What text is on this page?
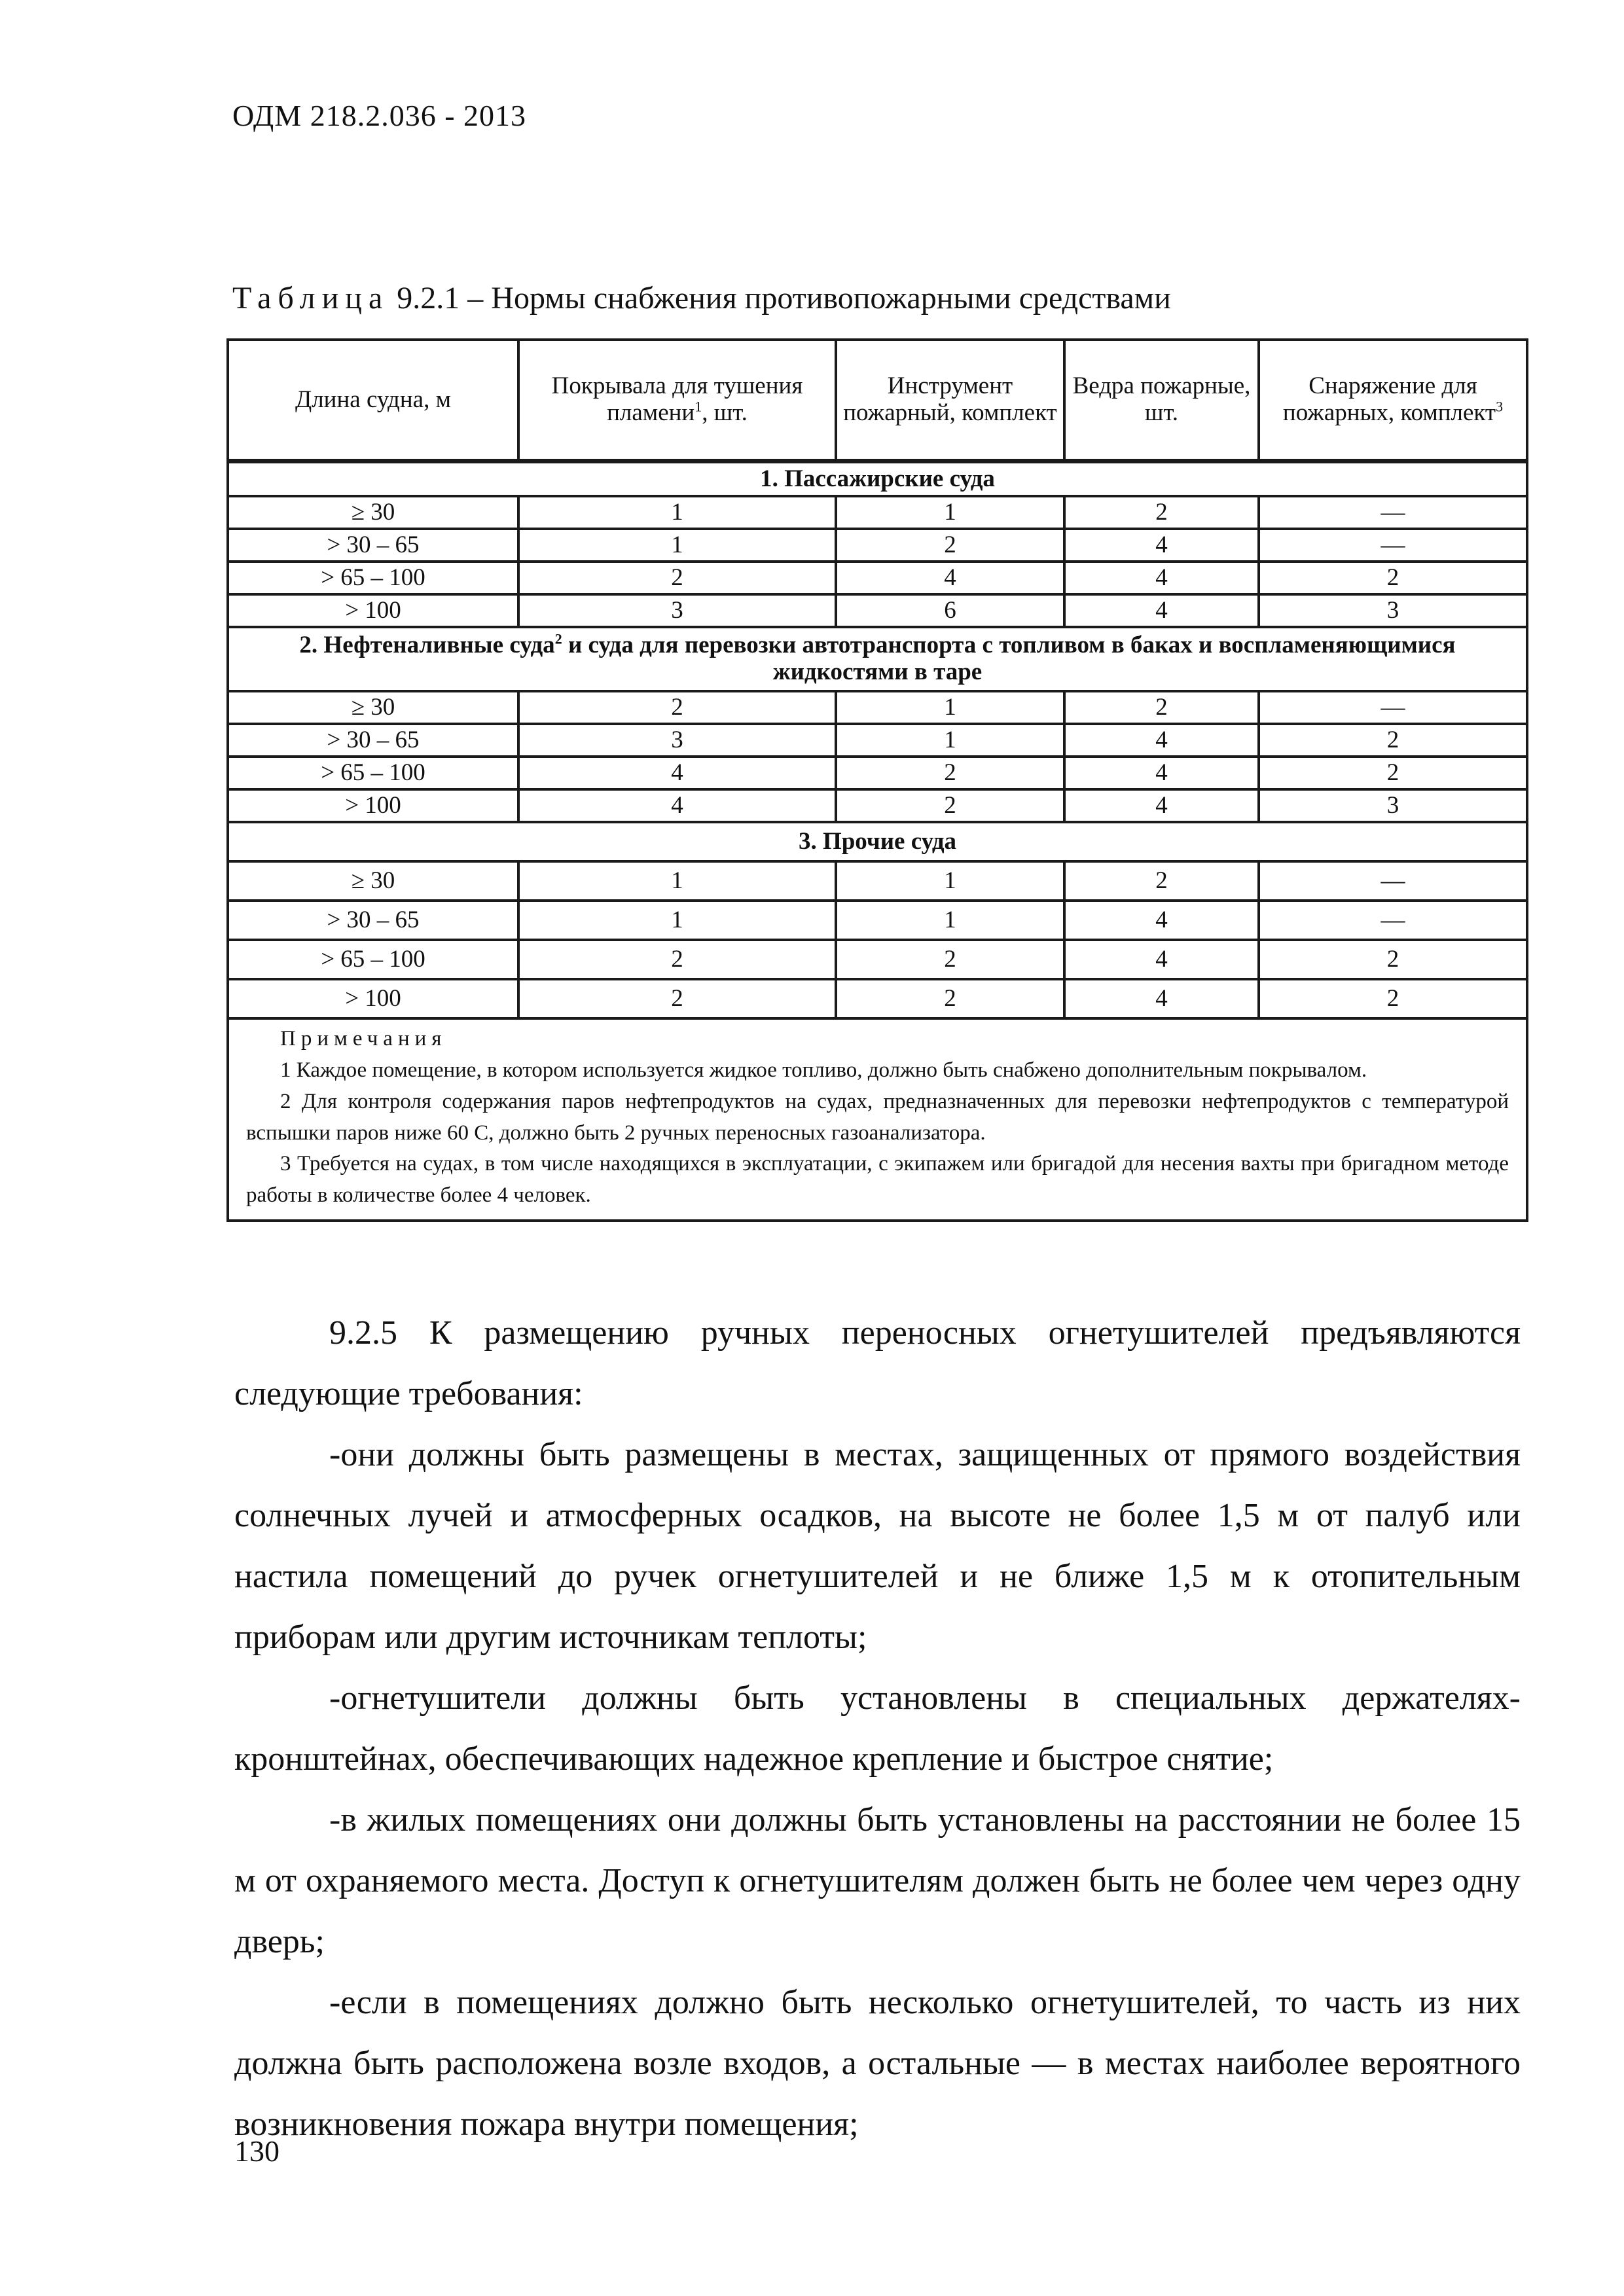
ОДМ 218.2.036 - 2013
Таблица 9.2.1 – Нормы снабжения противопожарными средствами
Длина судна, м	Покрывала для тушения пламени$^1$, шт.	Инструмент пожарный, комплект	Ведра пожарные, шт.	Снаряжение для пожарных, комплект$^3$
1. Пассажирские суда				
≥ 30	1	1	2	—
> 30 – 65	1	2	4	—
> 65 – 100	2	4	4	2
> 100	3	6	4	3
2. Нефтеналивные суда$^2$ и суда для перевозки автотранспорта с топливом в баках и воспламеняющимися жидкостями в таре				
≥ 30	2	1	2	—
> 30 – 65	3	1	4	2
> 65 – 100	4	2	4	2
> 100	4	2	4	3
3. Прочие суда				
≥ 30	1	1	2	—
> 30 – 65	1	1	4	—
> 65 – 100	2	2	4	2
> 100	2	2	4	2

Примечания
1 Каждое помещение, в котором используется жидкое топливо, должно быть снабжено дополнительным покрывалом.
2 Для контроля содержания паров нефтепродуктов на судах, предназначенных для перевозки нефтепродуктов с температурой вспышки паров ниже 60 С, должно быть 2 ручных переносных газоанализатора.
3 Требуется на судах, в том числе находящихся в эксплуатации, с экипажем или бригадой для несения вахты при бригадном методе работы в количестве более 4 человек.				

9.2.5 К размещению ручных переносных огнетушителей предъявляются следующие требования:

-они должны быть размещены в местах, защищенных от прямого воздействия солнечных лучей и атмосферных осадков, на высоте не более 1,5 м от палуб или настила помещений до ручек огнетушителей и не ближе 1,5 м к отопительным приборам или другим источникам теплоты;

-огнетушители должны быть установлены в специальных держателях-кронштейнах, обеспечивающих надежное крепление и быстрое снятие;

-в жилых помещениях они должны быть установлены на расстоянии не более 15 м от охраняемого места. Доступ к огнетушителям должен быть не более чем через одну дверь;

-если в помещениях должно быть несколько огнетушителей, то часть из них должна быть расположена возле входов, а остальные — в местах наиболее вероятного возникновения пожара внутри помещения;

130
